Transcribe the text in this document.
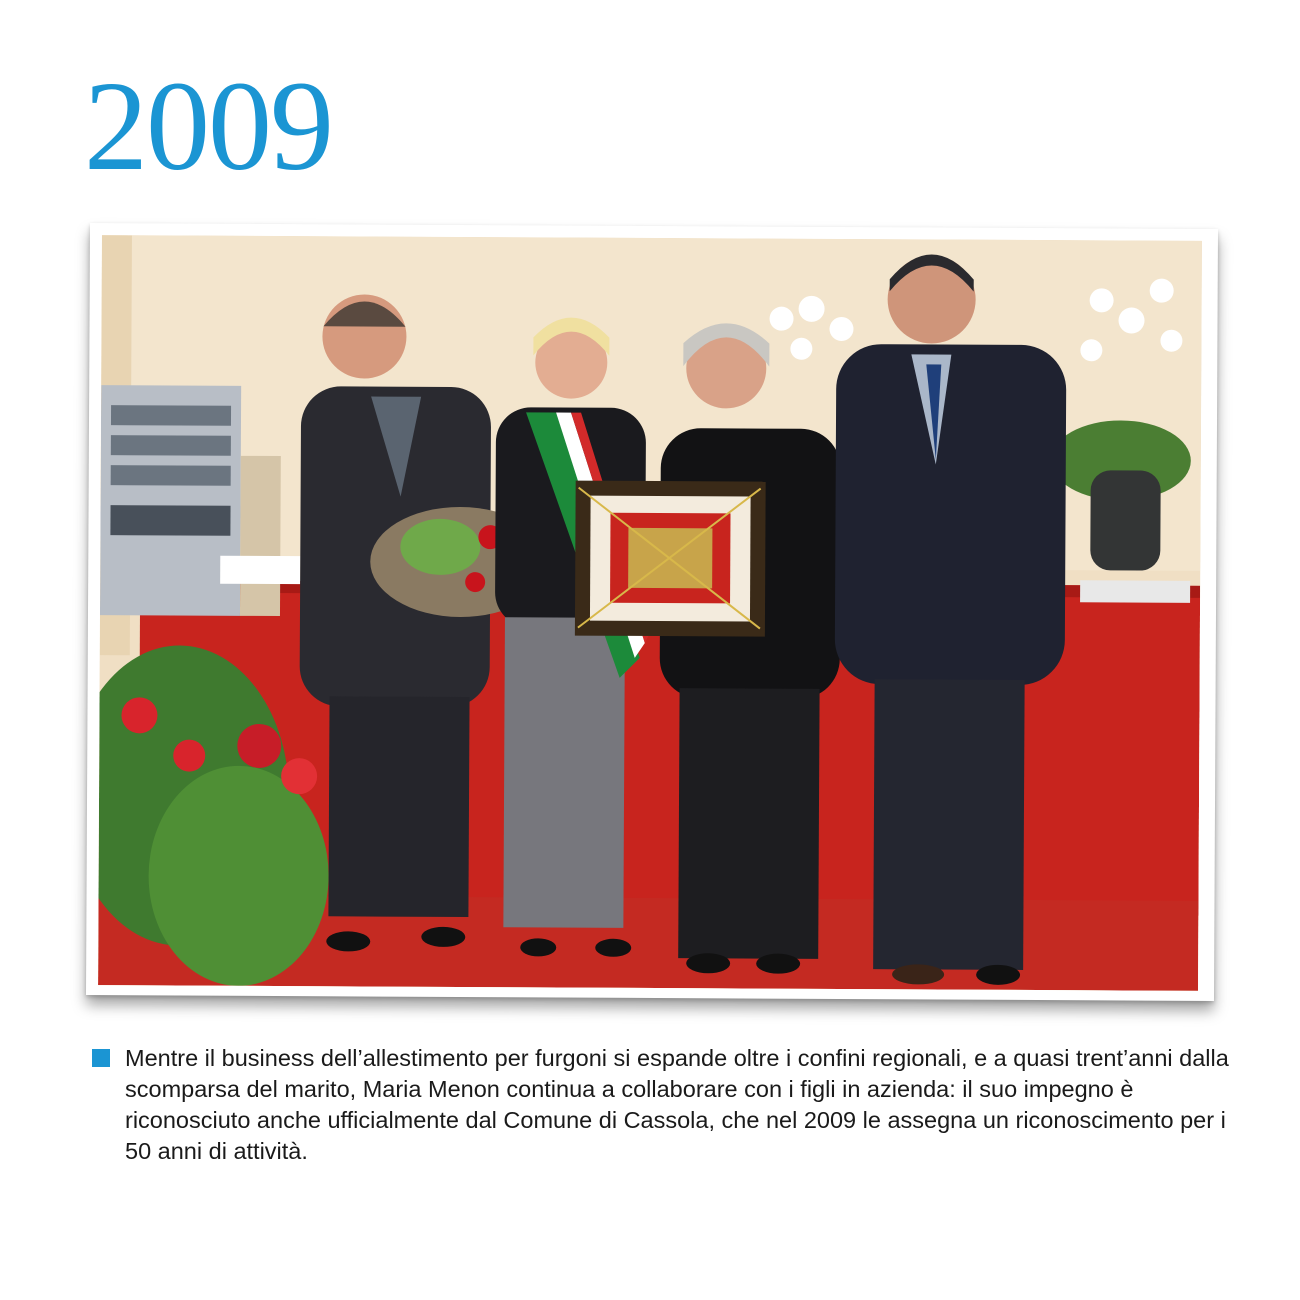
2009
Mentre il business dell’allestimento per furgoni si espande oltre i confini regionali, e a quasi trent’anni dalla scomparsa del marito, Maria Menon continua a collaborare con i figli in azienda: il suo impegno è riconosciuto anche ufficialmente dal Comune di Cassola, che nel 2009 le assegna un riconoscimento per i 50 anni di attività.
